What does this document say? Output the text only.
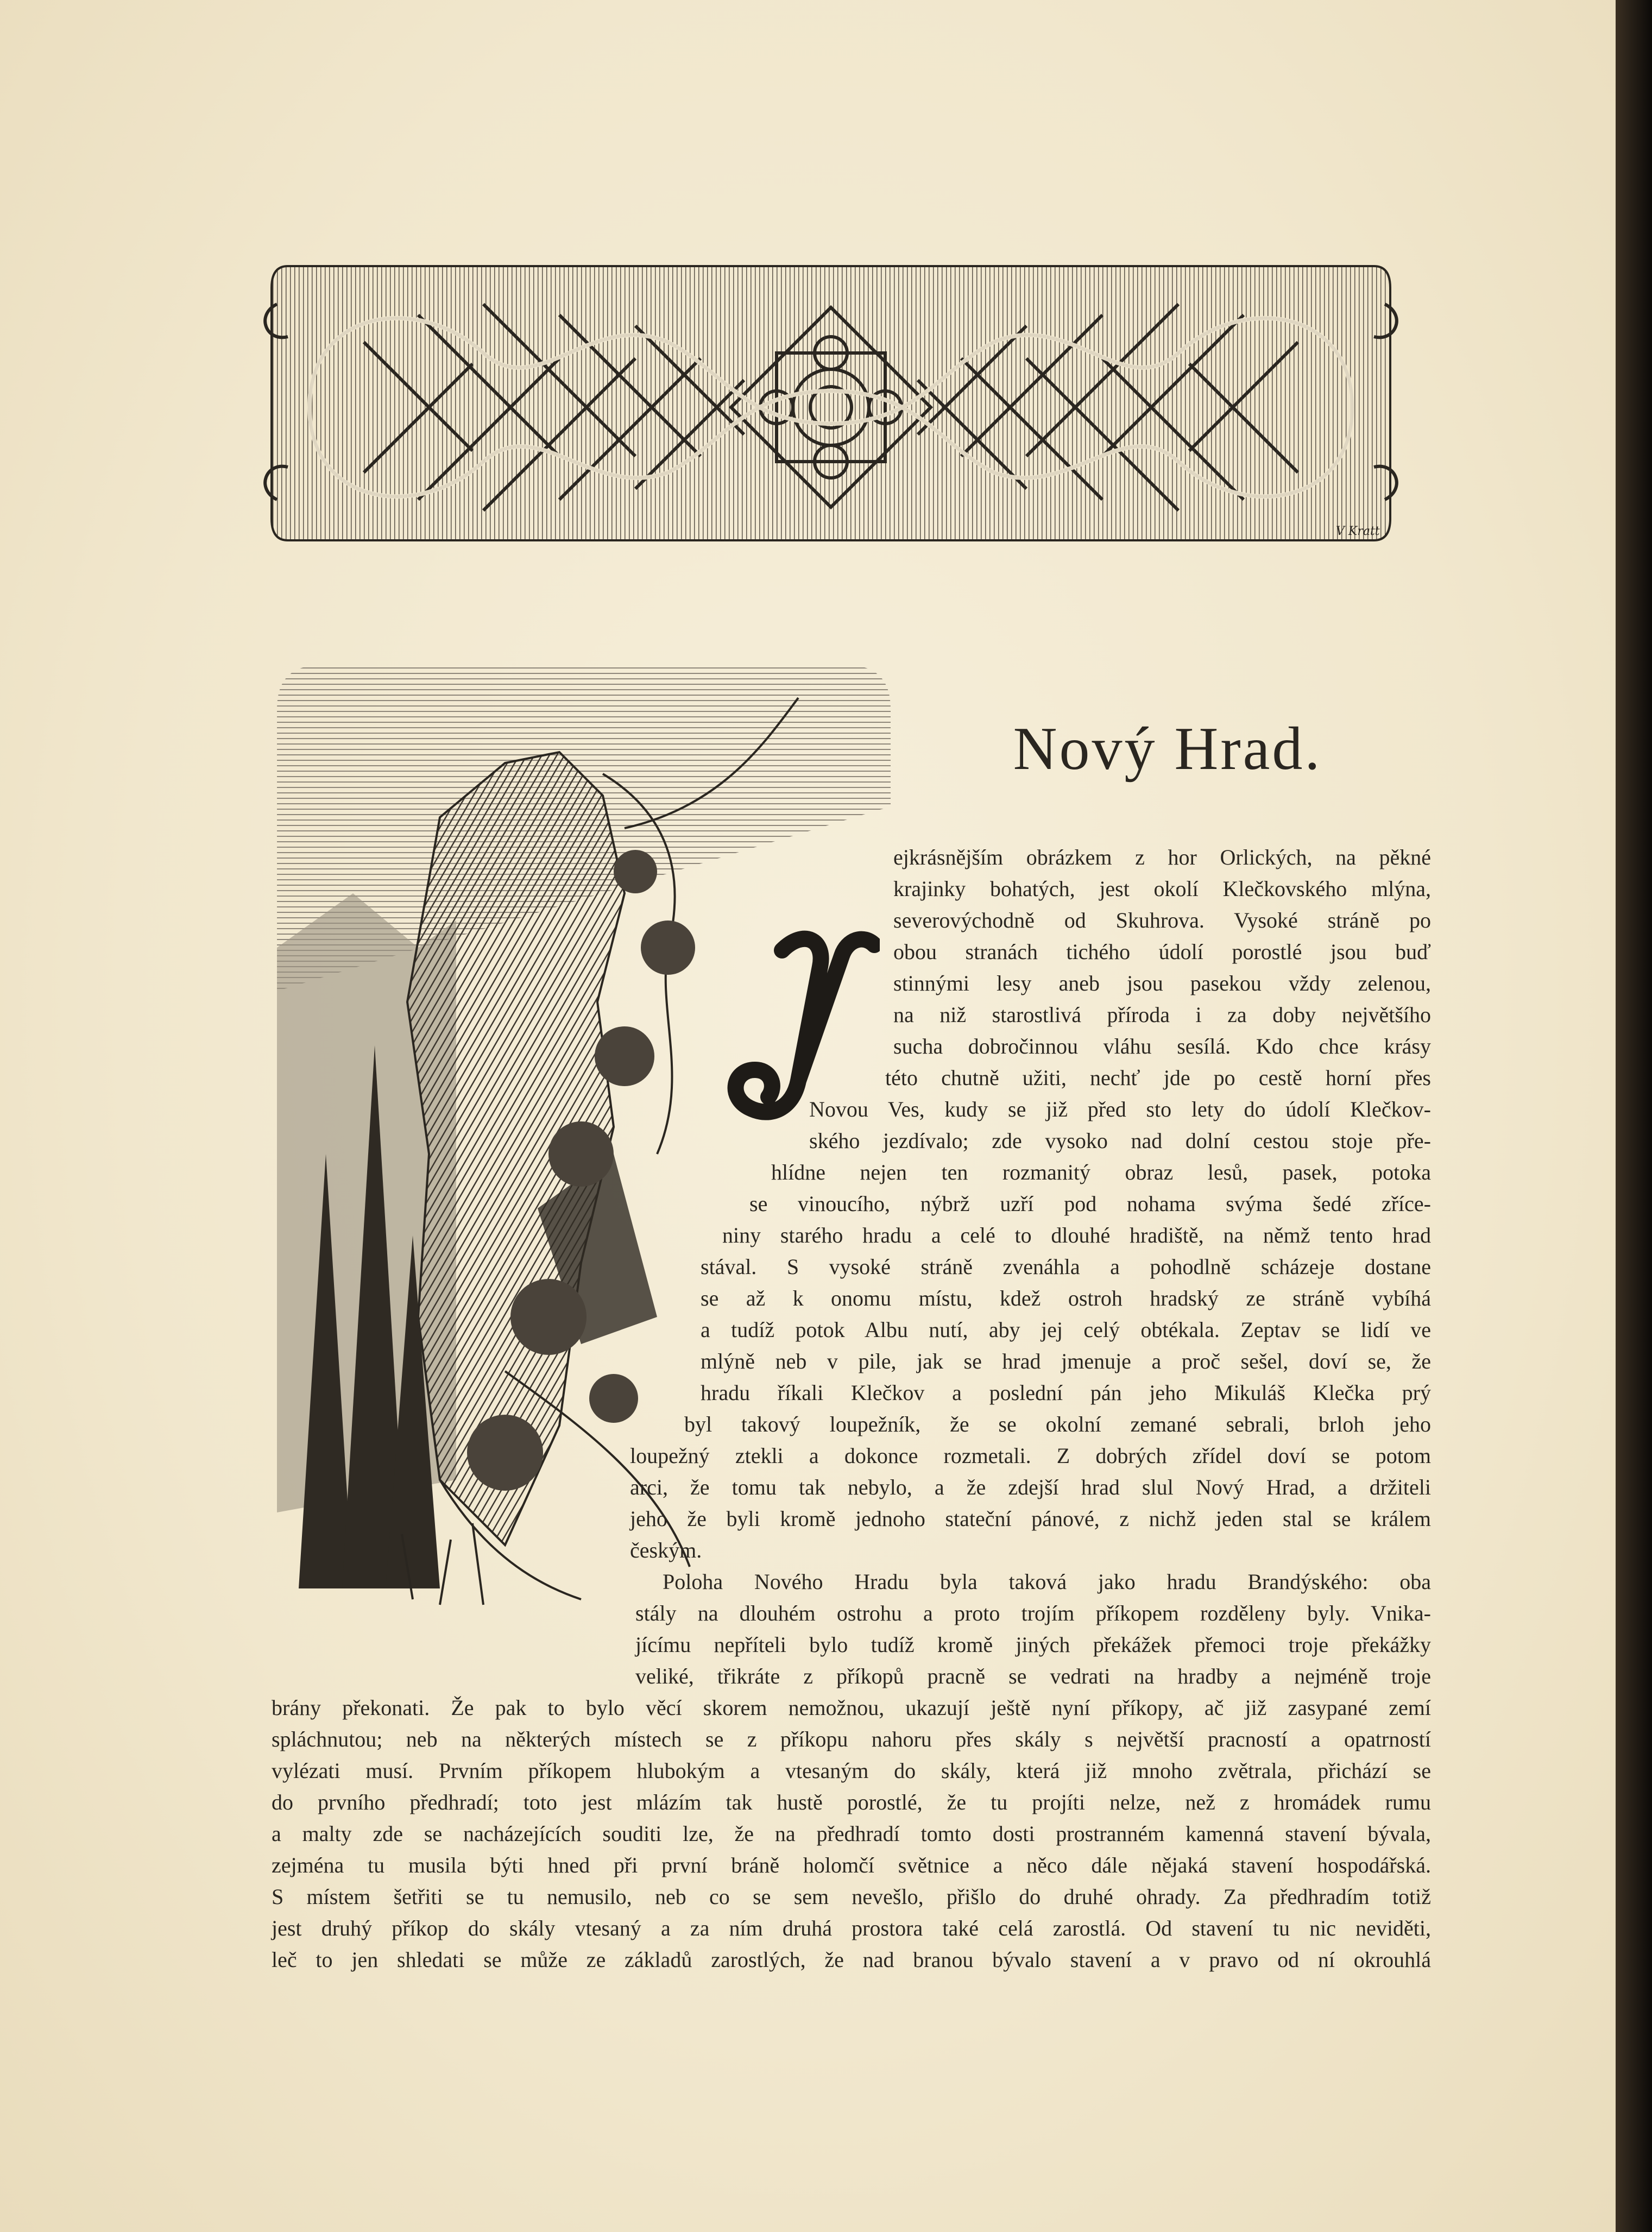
V Kratt
Nový Hrad.
N
ejkrásnějším obrázkem z hor Orlických, na pěkné
krajinky bohatých, jest okolí Klečkovského mlýna,
severovýchodně od Skuhrova. Vysoké stráně po
obou stranách tichého údolí porostlé jsou buď
stinnými lesy aneb jsou pasekou vždy zelenou,
na niž starostlivá příroda i za doby největšího
sucha dobročinnou vláhu sesílá. Kdo chce krásy
této chutně užiti, nechť jde po cestě horní přes
Novou Ves, kudy se již před sto lety do údolí Klečkov-
ského jezdívalo; zde vysoko nad dolní cestou stoje pře-
hlídne nejen ten rozmanitý obraz lesů, pasek, potoka
se vinoucího, nýbrž uzří pod nohama svýma šedé zříce-
niny starého hradu a celé to dlouhé hradiště, na němž tento hrad
stával. S vysoké stráně zvenáhla a pohodlně scházeje dostane
se až k onomu místu, kdež ostroh hradský ze stráně vybíhá
a tudíž potok Albu nutí, aby jej celý obtékala. Zeptav se lidí ve
mlýně neb v pile, jak se hrad jmenuje a proč sešel, doví se, že
hradu říkali Klečkov a poslední pán jeho Mikuláš Klečka prý
byl takový loupežník, že se okolní zemané sebrali, brloh jeho
loupežný ztekli a dokonce rozmetali. Z dobrých zřídel doví se potom
arci, že tomu tak nebylo, a že zdejší hrad slul Nový Hrad, a držiteli
jeho že byli kromě jednoho stateční pánové, z nichž jeden stal se králem
českým.
Poloha Nového Hradu byla taková jako hradu Brandýského: oba
stály na dlouhém ostrohu a proto trojím příkopem rozděleny byly. Vnika-
jícímu nepříteli bylo tudíž kromě jiných překážek přemoci troje překážky
veliké, třikráte z příkopů pracně se vedrati na hradby a nejméně troje
brány překonati. Že pak to bylo věcí skorem nemožnou, ukazují ještě nyní příkopy, ač již zasypané zemí
spláchnutou; neb na některých místech se z příkopu nahoru přes skály s největší pracností a opatrností
vylézati musí. Prvním příkopem hlubokým a vtesaným do skály, která již mnoho zvětrala, přichází se
do prvního předhradí; toto jest mlázím tak hustě porostlé, že tu projíti nelze, než z hromádek rumu
a malty zde se nacházejících souditi lze, že na předhradí tomto dosti prostranném kamenná stavení bývala,
zejména tu musila býti hned při první bráně holomčí světnice a něco dále nějaká stavení hospodářská.
S místem šetřiti se tu nemusilo, neb co se sem nevešlo, přišlo do druhé ohrady. Za předhradím totiž
jest druhý příkop do skály vtesaný a za ním druhá prostora také celá zarostlá. Od stavení tu nic neviděti,
leč to jen shledati se může ze základů zarostlých, že nad branou bývalo stavení a v pravo od ní okrouhlá
